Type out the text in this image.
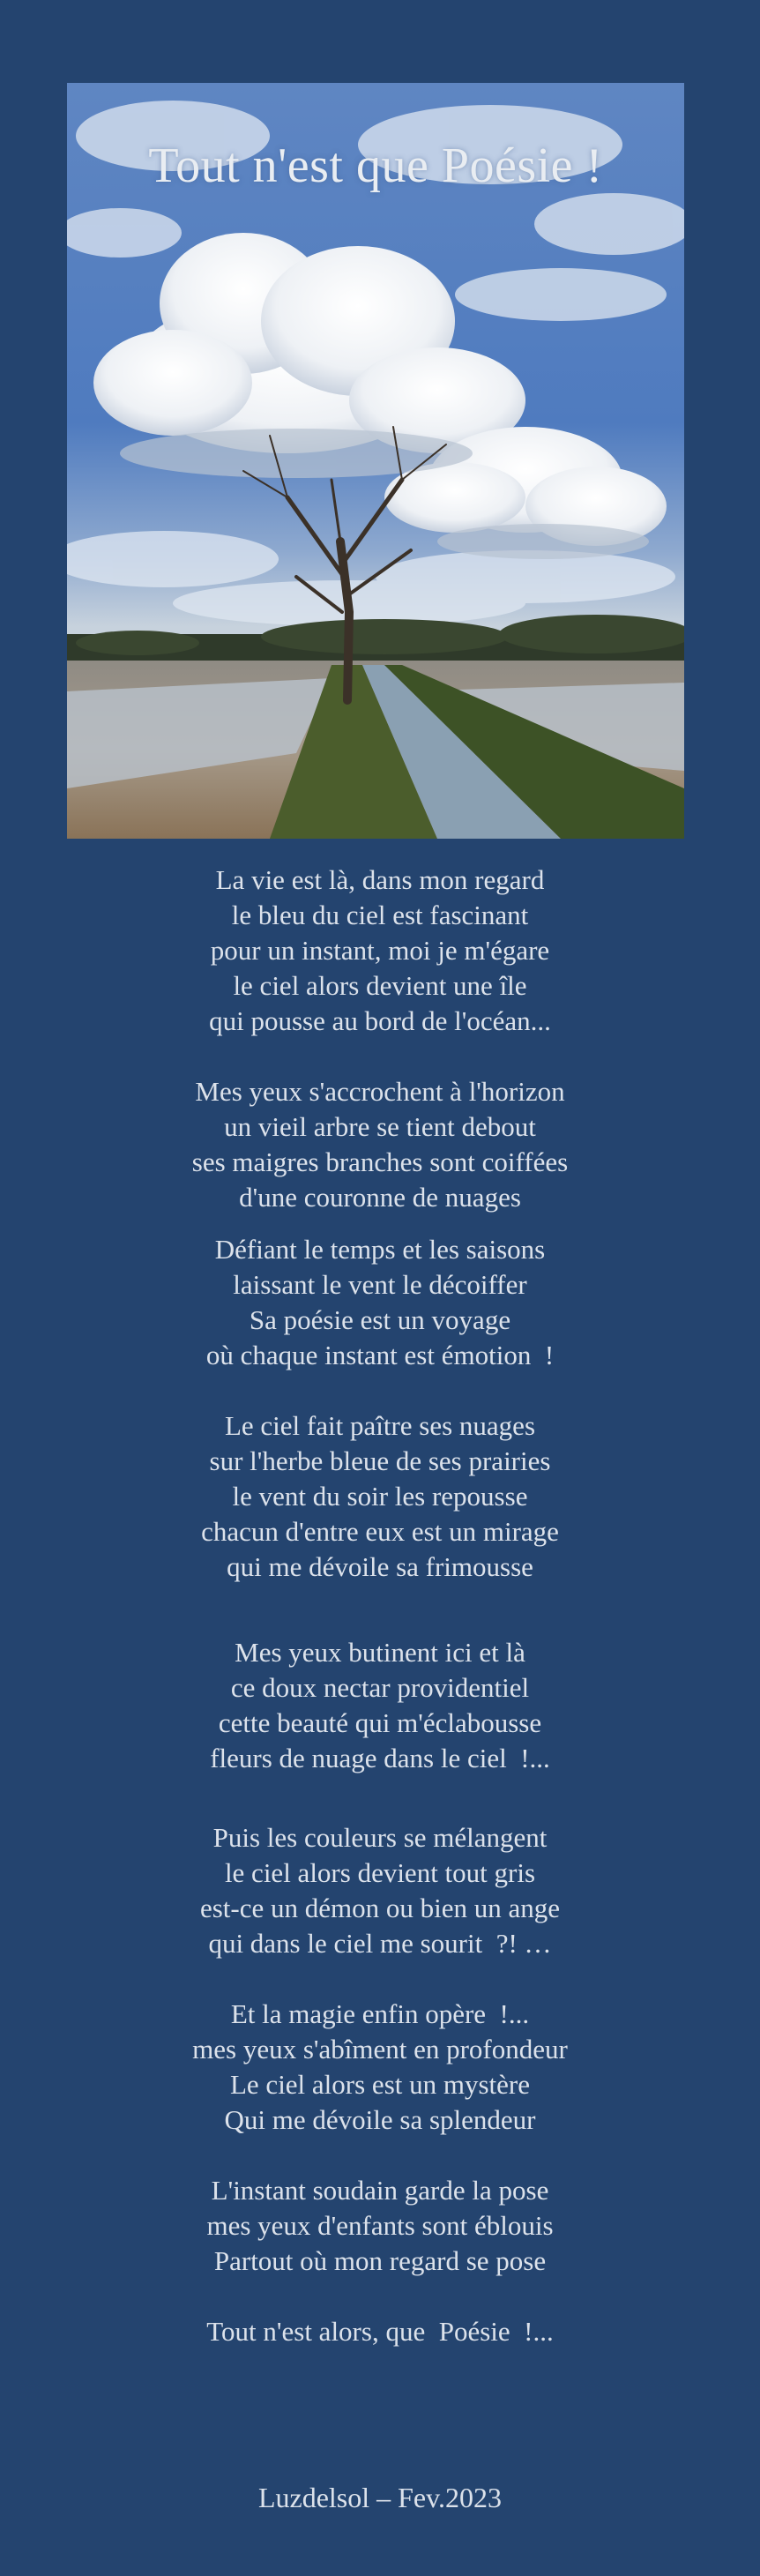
Tout n'est que Poésie !
La vie est là, dans mon regard
le bleu du ciel est fascinant
pour un instant, moi je m'égare
le ciel alors devient une île
qui pousse au bord de l'océan...
Mes yeux s'accrochent à l'horizon
un vieil arbre se tient debout
ses maigres branches sont coiffées
d'une couronne de nuages
Défiant le temps et les saisons
laissant le vent le décoiffer
Sa poésie est un voyage
où chaque instant est émotion  !
Le ciel fait paître ses nuages
sur l'herbe bleue de ses prairies
le vent du soir les repousse
chacun d'entre eux est un mirage
qui me dévoile sa frimousse
Mes yeux butinent ici et là
ce doux nectar providentiel
cette beauté qui m'éclabousse
fleurs de nuage dans le ciel  !...
Puis les couleurs se mélangent
le ciel alors devient tout gris
est-ce un démon ou bien un ange
qui dans le ciel me sourit  ?! …
Et la magie enfin opère  !...
mes yeux s'abîment en profondeur
Le ciel alors est un mystère
Qui me dévoile sa splendeur
L'instant soudain garde la pose
mes yeux d'enfants sont éblouis
Partout où mon regard se pose
Tout n'est alors, que  Poésie  !...
Luzdelsol – Fev.2023
